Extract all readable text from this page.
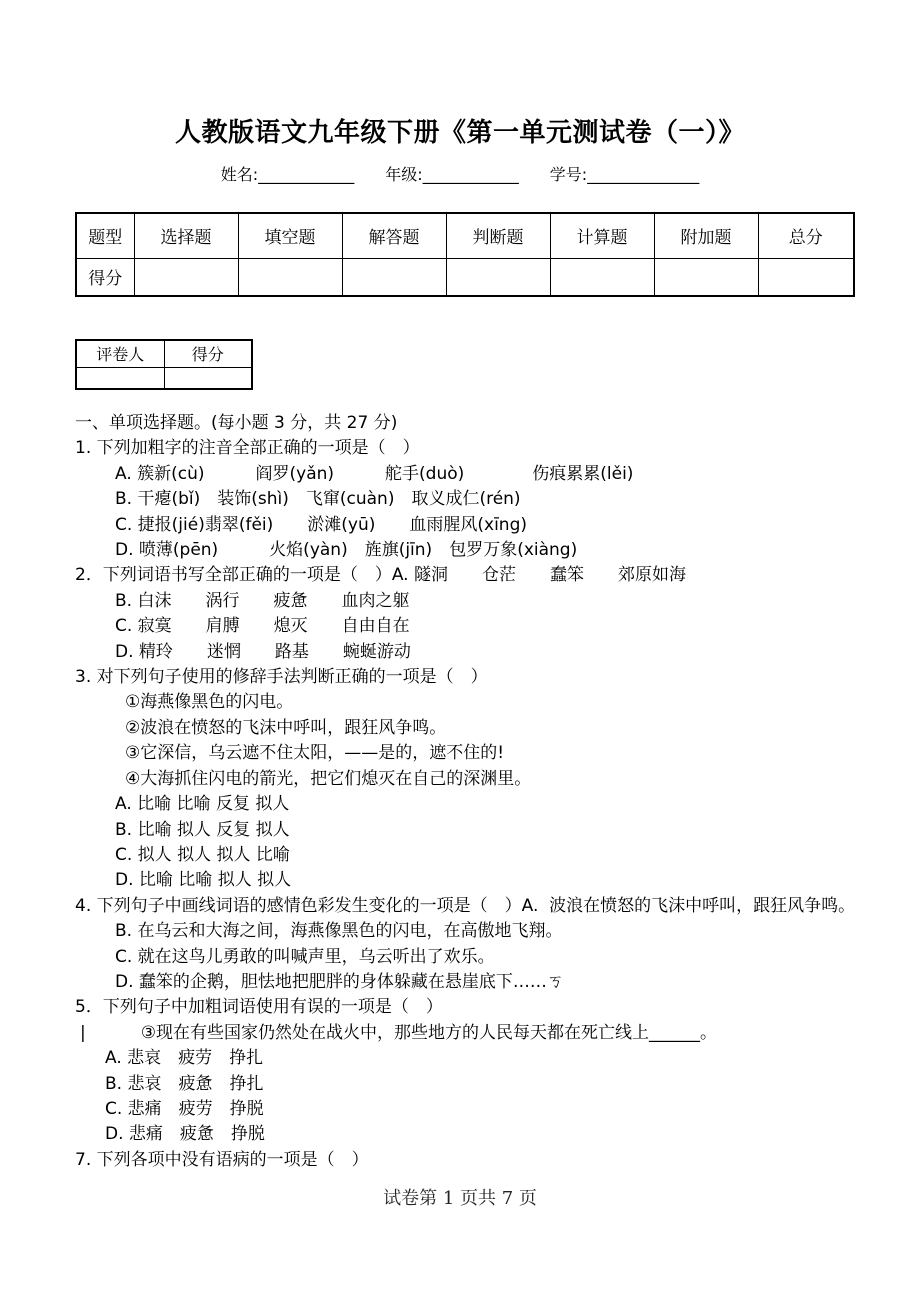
人教版语文九年级下册《第一单元测试卷（一）》
姓名:____________ 年级:____________ 学号:______________
题型	选择题	填空题	解答题	判断题	计算题	附加题	总分
得分							
评卷人	得分

一、单项选择题。(每小题 3 分，共 27 分)
1. 下列加粗字的注音全部正确的一项是（　）
A. 簇新(cù)　　　阎罗(yǎn)　　　舵手(duò)　　　　伤痕累累(lěi)
B. 干瘪(bǐ)　装饰(shì)　飞窜(cuàn)　取义成仁(rén)
C. 捷报(jié)翡翠(fěi)　　淤滩(yū)　　血雨腥风(xīng)
D. 喷薄(pēn)　　　火焰(yàn)　旌旗(jīn)　包罗万象(xiàng)
2．下列词语书写全部正确的一项是（　）A. 隧洞　　仓茫　　蠢笨　　郊原如海
B. 白沫　　涡行　　疲惫　　血肉之躯
C. 寂寞　　肩膊　　熄灭　　自由自在
D. 精玲　　迷惘　　路基　　蜿蜒游动
3. 对下列句子使用的修辞手法判断正确的一项是（　）
①海燕像黑色的闪电。
②波浪在愤怒的飞沫中呼叫，跟狂风争鸣。
③它深信，乌云遮不住太阳，——是的，遮不住的!
④大海抓住闪电的箭光，把它们熄灭在自己的深渊里。
A. 比喻 比喻 反复 拟人
B. 比喻 拟人 反复 拟人
C. 拟人 拟人 拟人 比喻
D. 比喻 比喻 拟人 拟人
4. 下列句子中画线词语的感情色彩发生变化的一项是（　）A.  波浪在愤怒的飞沫中呼叫，跟狂风争鸣。
B. 在乌云和大海之间，海燕像黑色的闪电，在高傲地飞翔。
C. 就在这鸟儿勇敢的叫喊声里，乌云听出了欢乐。
D. 蠢笨的企鹅，胆怯地把肥胖的身体躲藏在悬崖底下……ㄎ
5．下列句子中加粗词语使用有误的一项是（　）
|	③现在有些国家仍然处在战火中，那些地方的人民每天都在死亡线上______。
A. 悲哀　疲劳　挣扎
B. 悲哀　疲惫　挣扎
C. 悲痛　疲劳　挣脱
D. 悲痛　疲惫　挣脱
7. 下列各项中没有语病的一项是（　）
试卷第 1 页共 7 页
